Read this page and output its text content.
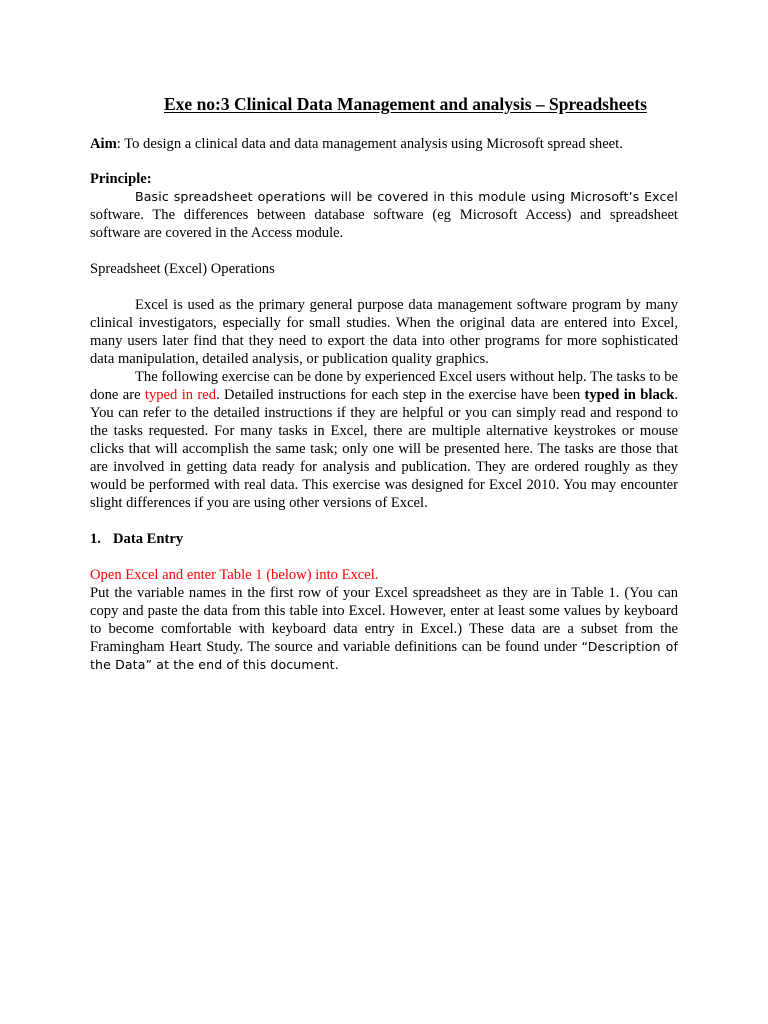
Exe no:3 Clinical Data Management and analysis – Spreadsheets

Aim: To design a clinical data and data management analysis using Microsoft spread sheet.

Principle:

Basic spreadsheet operations will be covered in this module using Microsoft’s Excel software. The differences between database software (eg Microsoft Access) and spreadsheet software are covered in the Access module.

Spreadsheet (Excel) Operations

Excel is used as the primary general purpose data management software program by many clinical investigators, especially for small studies. When the original data are entered into Excel, many users later find that they need to export the data into other programs for more sophisticated data manipulation, detailed analysis, or publication quality graphics.

The following exercise can be done by experienced Excel users without help. The tasks to be done are typed in red. Detailed instructions for each step in the exercise have been typed in black. You can refer to the detailed instructions if they are helpful or you can simply read and respond to the tasks requested. For many tasks in Excel, there are multiple alternative keystrokes or mouse clicks that will accomplish the same task; only one will be presented here. The tasks are those that are involved in getting data ready for analysis and publication. They are ordered roughly as they would be performed with real data. This exercise was designed for Excel 2010. You may encounter slight differences if you are using other versions of Excel.

1. Data Entry

Open Excel and enter Table 1 (below) into Excel.

Put the variable names in the first row of your Excel spreadsheet as they are in Table 1. (You can copy and paste the data from this table into Excel. However, enter at least some values by keyboard to become comfortable with keyboard data entry in Excel.) These data are a subset from the Framingham Heart Study. The source and variable definitions can be found under “Description of the Data” at the end of this document.
